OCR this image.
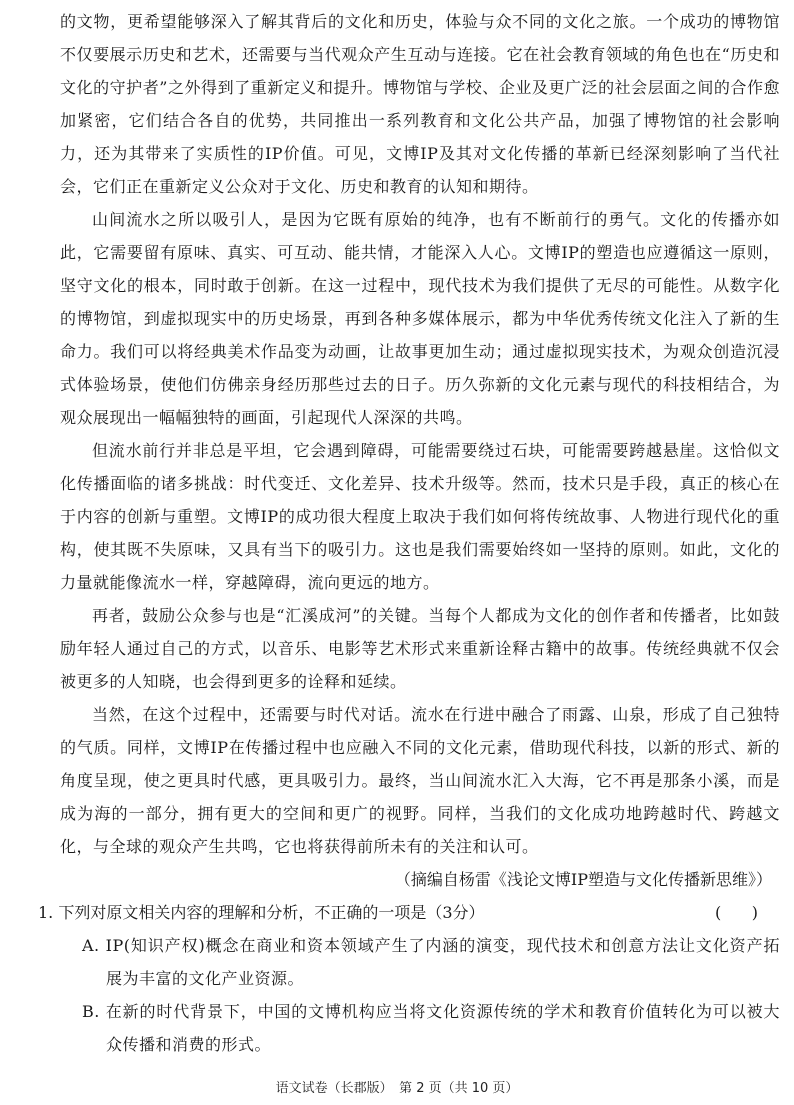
的文物，更希望能够深入了解其背后的文化和历史，体验与众不同的文化之旅。一个成功的博物馆不仅要展示历史和艺术，还需要与当代观众产生互动与连接。它在社会教育领域的角色也在“历史和文化的守护者”之外得到了重新定义和提升。博物馆与学校、企业及更广泛的社会层面之间的合作愈加紧密，它们结合各自的优势，共同推出一系列教育和文化公共产品，加强了博物馆的社会影响力，还为其带来了实质性的IP价值。可见，文博IP及其对文化传播的革新已经深刻影响了当代社会，它们正在重新定义公众对于文化、历史和教育的认知和期待。

山间流水之所以吸引人，是因为它既有原始的纯净，也有不断前行的勇气。文化的传播亦如此，它需要留有原味、真实、可互动、能共情，才能深入人心。文博IP的塑造也应遵循这一原则，坚守文化的根本，同时敢于创新。在这一过程中，现代技术为我们提供了无尽的可能性。从数字化的博物馆，到虚拟现实中的历史场景，再到各种多媒体展示，都为中华优秀传统文化注入了新的生命力。我们可以将经典美术作品变为动画，让故事更加生动；通过虚拟现实技术，为观众创造沉浸式体验场景，使他们仿佛亲身经历那些过去的日子。历久弥新的文化元素与现代的科技相结合，为观众展现出一幅幅独特的画面，引起现代人深深的共鸣。

但流水前行并非总是平坦，它会遇到障碍，可能需要绕过石块，可能需要跨越悬崖。这恰似文化传播面临的诸多挑战：时代变迁、文化差异、技术升级等。然而，技术只是手段，真正的核心在于内容的创新与重塑。文博IP的成功很大程度上取决于我们如何将传统故事、人物进行现代化的重构，使其既不失原味，又具有当下的吸引力。这也是我们需要始终如一坚持的原则。如此，文化的力量就能像流水一样，穿越障碍，流向更远的地方。

再者，鼓励公众参与也是“汇溪成河”的关键。当每个人都成为文化的创作者和传播者，比如鼓励年轻人通过自己的方式，以音乐、电影等艺术形式来重新诠释古籍中的故事。传统经典就不仅会被更多的人知晓，也会得到更多的诠释和延续。

当然，在这个过程中，还需要与时代对话。流水在行进中融合了雨露、山泉，形成了自己独特的气质。同样，文博IP在传播过程中也应融入不同的文化元素，借助现代科技，以新的形式、新的角度呈现，使之更具时代感，更具吸引力。最终，当山间流水汇入大海，它不再是那条小溪，而是成为海的一部分，拥有更大的空间和更广的视野。同样，当我们的文化成功地跨越时代、跨越文化，与全球的观众产生共鸣，它也将获得前所未有的关注和认可。

（摘编自杨雷《浅论文博IP塑造与文化传播新思维》）

1. 下列对原文相关内容的理解和分析，不正确的一项是（3分）	(      )

A. IP(知识产权)概念在商业和资本领域产生了内涵的演变，现代技术和创意方法让文化资产拓展为丰富的文化产业资源。

B. 在新的时代背景下，中国的文博机构应当将文化资源传统的学术和教育价值转化为可以被大众传播和消费的形式。

语文试卷（长郡版）　第 2 页（共 10 页）
